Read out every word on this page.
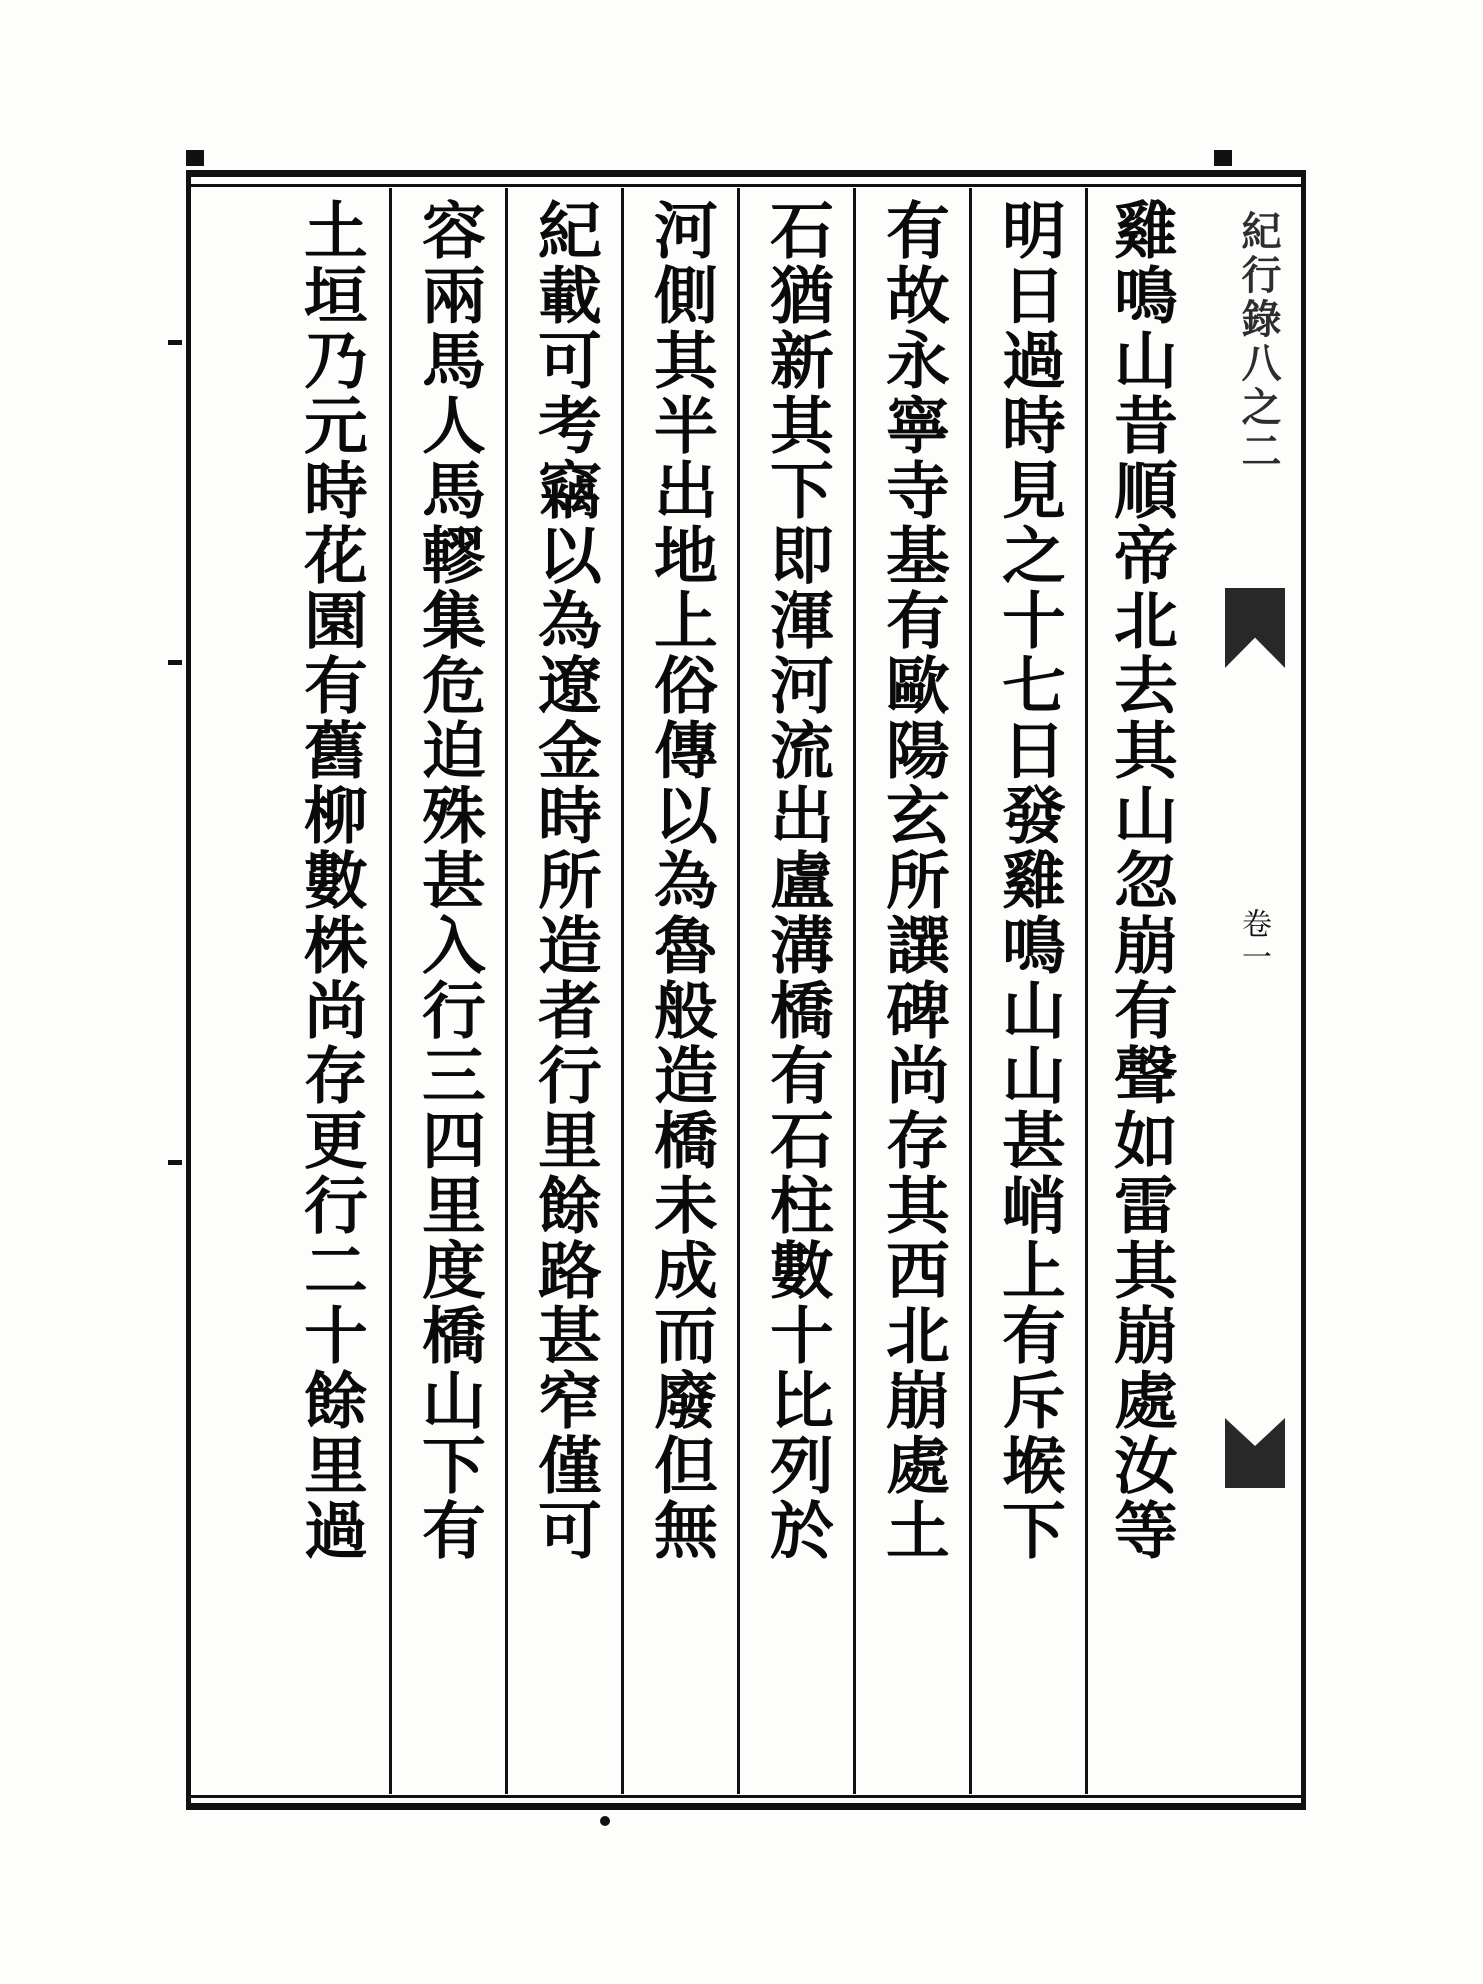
紀行錄八之二
卷一
雞鳴山昔順帝北去其山忽崩有聲如雷其崩處汝等
明日過時見之十七日發雞鳴山山甚峭上有斥堠下
有故永寧寺基有歐陽玄所譔碑尚存其西北崩處土
石猶新其下即渾河流出盧溝橋有石柱數十比列於
河側其半出地上俗傳以為魯般造橋未成而廢但無
紀載可考竊以為遼金時所造者行里餘路甚窄僅可
容兩馬人馬轇集危迫殊甚入行三四里度橋山下有
土垣乃元時花園有舊柳數株尚存更行二十餘里過
